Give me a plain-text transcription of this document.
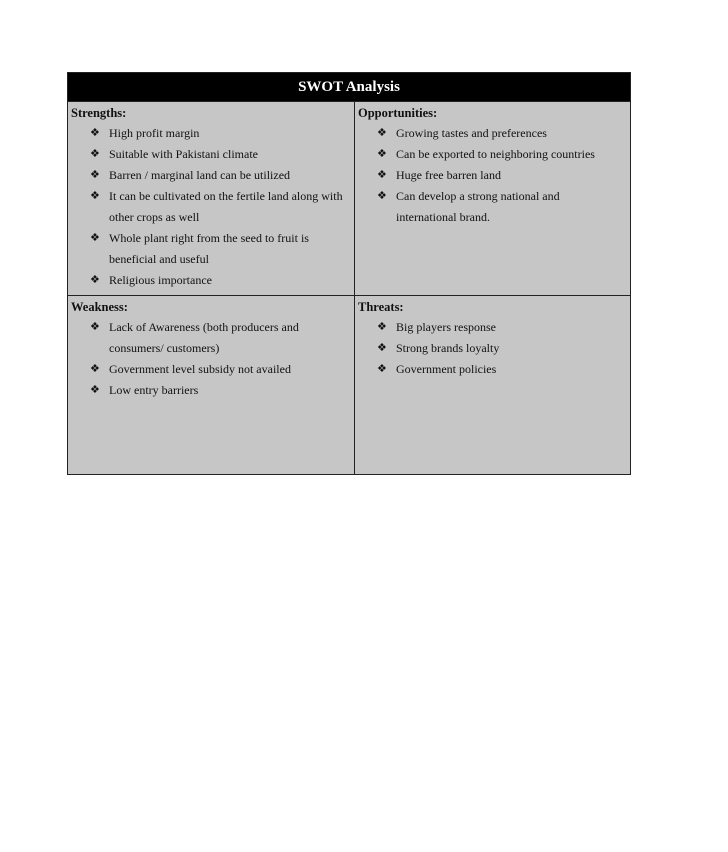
SWOT Analysis
Strengths:
❖ High profit margin
❖ Suitable with Pakistani climate
❖ Barren / marginal land can be utilized
❖ It can be cultivated on the fertile land along with
other crops as well
❖ Whole plant right from the seed to fruit is
beneficial and useful
❖ Religious importance
Opportunities:
❖ Growing tastes and preferences
❖ Can be exported to neighboring countries
❖ Huge free barren land
❖ Can develop a strong national and
international brand.
Weakness:
❖ Lack of Awareness (both producers and
consumers/ customers)
❖ Government level subsidy not availed
❖ Low entry barriers
Threats:
❖ Big players response
❖ Strong brands loyalty
❖ Government policies
